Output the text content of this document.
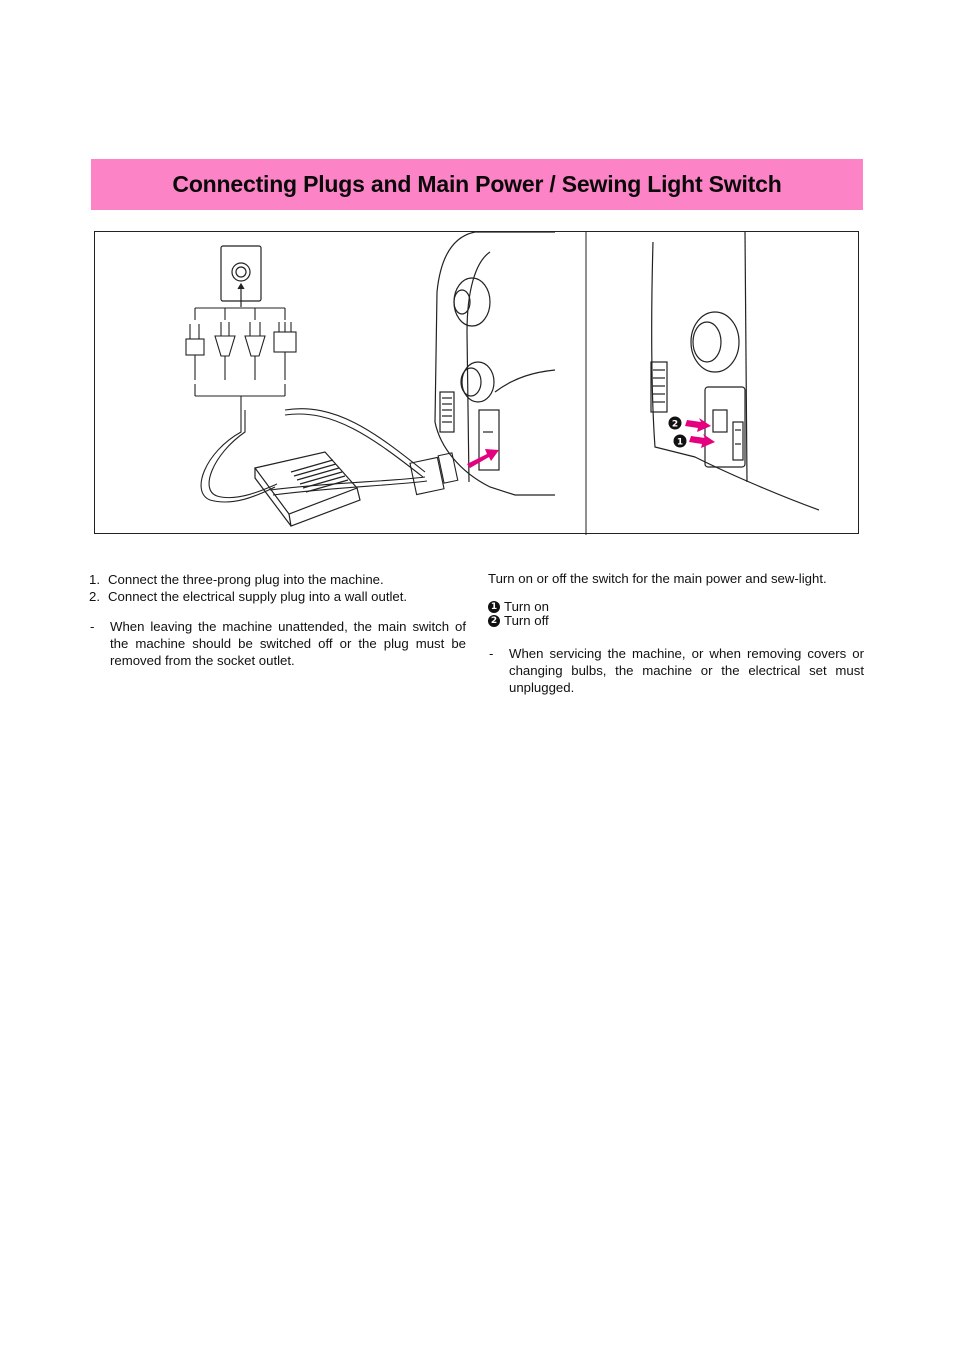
Connecting Plugs and Main Power / Sewing Light Switch
2
1
1. Connect the three-prong plug into the machine.
2. Connect the electrical supply plug into a wall outlet.
-	When leaving the machine unattended, the main switch of the machine should be switched off or the plug must be removed from the socket outlet.

Turn on or off the switch for the main power and sew-light.

1 Turn on
2 Turn off
-	When servicing the machine, or when removing covers or changing bulbs, the machine or the electrical set must unplugged.
